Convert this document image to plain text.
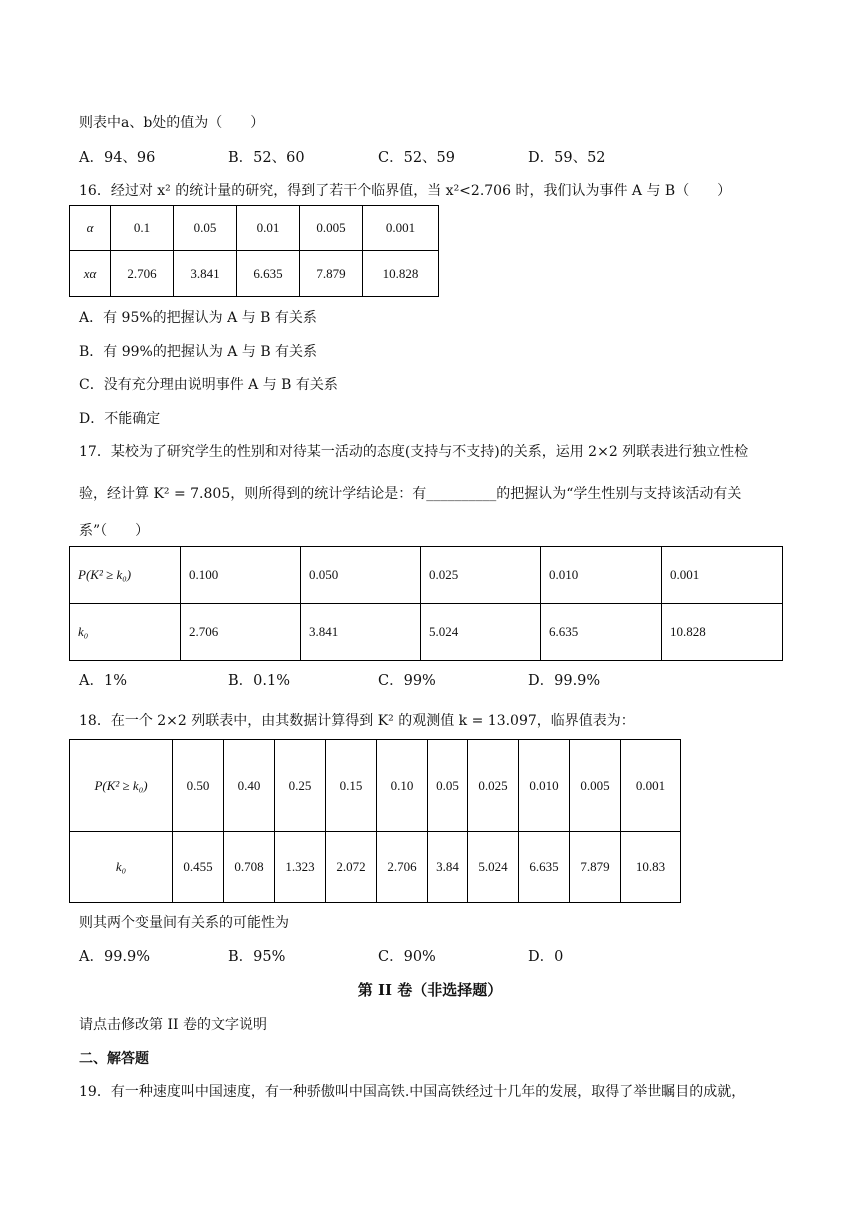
则表中a、b处的值为（　　）
A．94、96	B．52、60	C．52、59	D．59、52
16．经过对 x² 的统计量的研究，得到了若干个临界值，当 x²<2.706 时，我们认为事件 A 与 B（　　）
α	0.1	0.05	0.01	0.005	0.001
xα	2.706	3.841	6.635	7.879	10.828
A．有 95%的把握认为 A 与 B 有关系
B．有 99%的把握认为 A 与 B 有关系
C．没有充分理由说明事件 A 与 B 有关系
D．不能确定
17．某校为了研究学生的性别和对待某一活动的态度(支持与不支持)的关系，运用 2×2 列联表进行独立性检
验，经计算 K² = 7.805，则所得到的统计学结论是：有__________的把握认为“学生性别与支持该活动有关
系”（　　）
P(K² ≥ k₀)	0.100	0.050	0.025	0.010	0.001
k₀	2.706	3.841	5.024	6.635	10.828
A．1%	B．0.1%	C．99%	D．99.9%
18．在一个 2×2 列联表中，由其数据计算得到 K² 的观测值 k = 13.097，临界值表为：
P(K² ≥ k₀)	0.50	0.40	0.25	0.15	0.10	0.05	0.025	0.010	0.005	0.001
k₀	0.455	0.708	1.323	2.072	2.706	3.84	5.024	6.635	7.879	10.83
则其两个变量间有关系的可能性为
A．99.9%	B．95%	C．90%	D．0
第 II 卷（非选择题）
请点击修改第 II 卷的文字说明
二、解答题
19．有一种速度叫中国速度，有一种骄傲叫中国高铁.中国高铁经过十几年的发展，取得了举世瞩目的成就，
